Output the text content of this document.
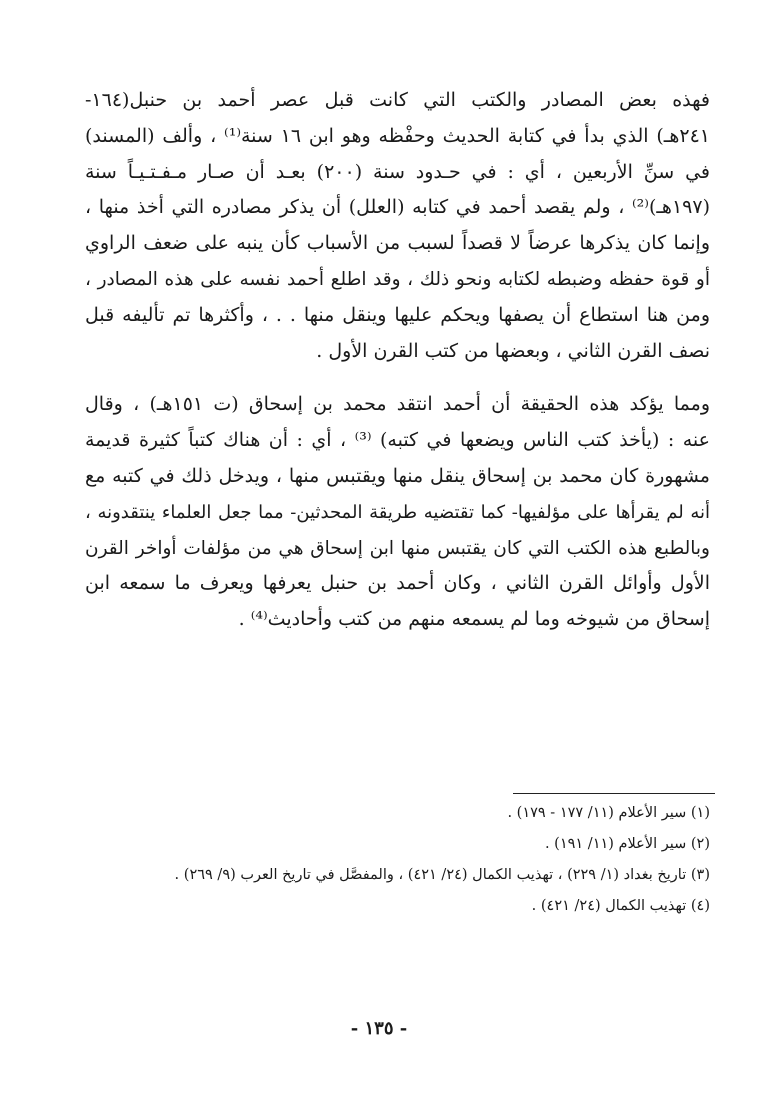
فهذه بعض المصادر والكتب التي كانت قبل عصر أحمد بن حنبل(١٦٤-
٢٤١هـ) الذي بدأ في كتابة الحديث وحفْظه وهو ابن ١٦ سنة⁽¹⁾ ، وألف (المسند)
في سنِّ الأربعين ، أي : في حـدود سنة (٢٠٠) بعـد أن صـار مـفـتـيـاً سنة
(١٩٧هـ)⁽²⁾ ، ولم يقصد أحمد في كتابه (العلل) أن يذكر مصادره التي أخذ منها ،
وإنما كان يذكرها عرضاً لا قصداً لسبب من الأسباب كأن ينبه على ضعف الراوي
أو قوة حفظه وضبطه لكتابه ونحو ذلك ، وقد اطلع أحمد نفسه على هذه المصادر ،
ومن هنا استطاع أن يصفها ويحكم عليها وينقل منها . . ، وأكثرها تم تأليفه قبل
نصف القرن الثاني ، وبعضها من كتب القرن الأول .

ومما يؤكد هذه الحقيقة أن أحمد انتقد محمد بن إسحاق (ت ١٥١هـ) ، وقال
عنه : (يأخذ كتب الناس ويضعها في كتبه) ⁽³⁾ ، أي : أن هناك كتباً كثيرة قديمة
مشهورة كان محمد بن إسحاق ينقل منها ويقتبس منها ، ويدخل ذلك في كتبه مع
أنه لم يقرأها على مؤلفيها- كما تقتضيه طريقة المحدثين- مما جعل العلماء ينتقدونه ،
وبالطبع هذه الكتب التي كان يقتبس منها ابن إسحاق هي من مؤلفات أواخر القرن
الأول وأوائل القرن الثاني ، وكان أحمد بن حنبل يعرفها ويعرف ما سمعه ابن
إسحاق من شيوخه وما لم يسمعه منهم من كتب وأحاديث⁽⁴⁾ .

(١) سير الأعلام (١١/ ١٧٧ - ١٧٩) .
(٢) سير الأعلام (١١/ ١٩١) .
(٣) تاريخ بغداد (١/ ٢٢٩) ، تهذيب الكمال (٢٤/ ٤٢١) ، والمفصَّل في تاريخ العرب (٩/ ٢٦٩) .
(٤) تهذيب الكمال (٢٤/ ٤٢١) .
- ١٣٥ -
